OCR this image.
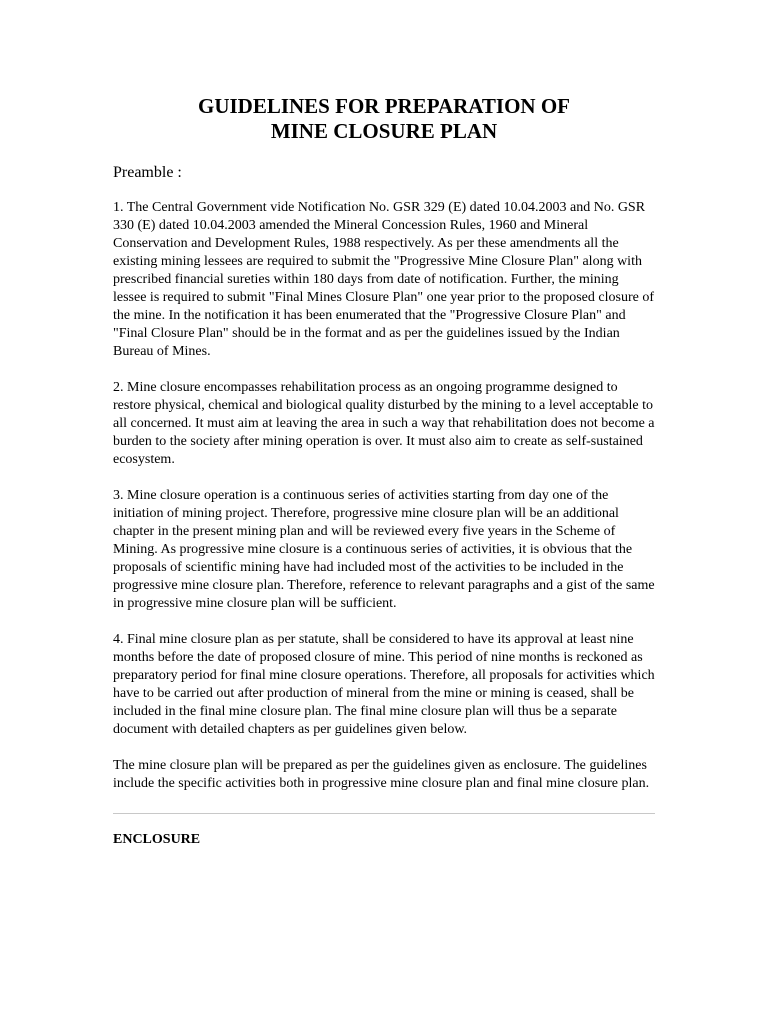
GUIDELINES FOR PREPARATION OF
MINE CLOSURE PLAN

Preamble :

1. The Central Government vide Notification No. GSR 329 (E) dated 10.04.2003 and No. GSR 330 (E) dated 10.04.2003 amended the Mineral Concession Rules, 1960 and Mineral Conservation and Development Rules, 1988 respectively. As per these amendments all the existing mining lessees are required to submit the "Progressive Mine Closure Plan" along with prescribed financial sureties within 180 days from date of notification. Further, the mining lessee is required to submit "Final Mines Closure Plan" one year prior to the proposed closure of the mine. In the notification it has been enumerated that the "Progressive Closure Plan" and "Final Closure Plan" should be in the format and as per the guidelines issued by the Indian Bureau of Mines.

2. Mine closure encompasses rehabilitation process as an ongoing programme designed to restore physical, chemical and biological quality disturbed by the mining to a level acceptable to all concerned. It must aim at leaving the area in such a way that rehabilitation does not become a burden to the society after mining operation is over. It must also aim to create as self-sustained ecosystem.

3. Mine closure operation is a continuous series of activities starting from day one of the initiation of mining project. Therefore, progressive mine closure plan will be an additional chapter in the present mining plan and will be reviewed every five years in the Scheme of Mining. As progressive mine closure is a continuous series of activities, it is obvious that the proposals of scientific mining have had included most of the activities to be included in the progressive mine closure plan. Therefore, reference to relevant paragraphs and a gist of the same in progressive mine closure plan will be sufficient.

4. Final mine closure plan as per statute, shall be considered to have its approval at least nine months before the date of proposed closure of mine. This period of nine months is reckoned as preparatory period for final mine closure operations. Therefore, all proposals for activities which have to be carried out after production of mineral from the mine or mining is ceased, shall be included in the final mine closure plan. The final mine closure plan will thus be a separate document with detailed chapters as per guidelines given below.

The mine closure plan will be prepared as per the guidelines given as enclosure. The guidelines include the specific activities both in progressive mine closure plan and final mine closure plan.

ENCLOSURE
